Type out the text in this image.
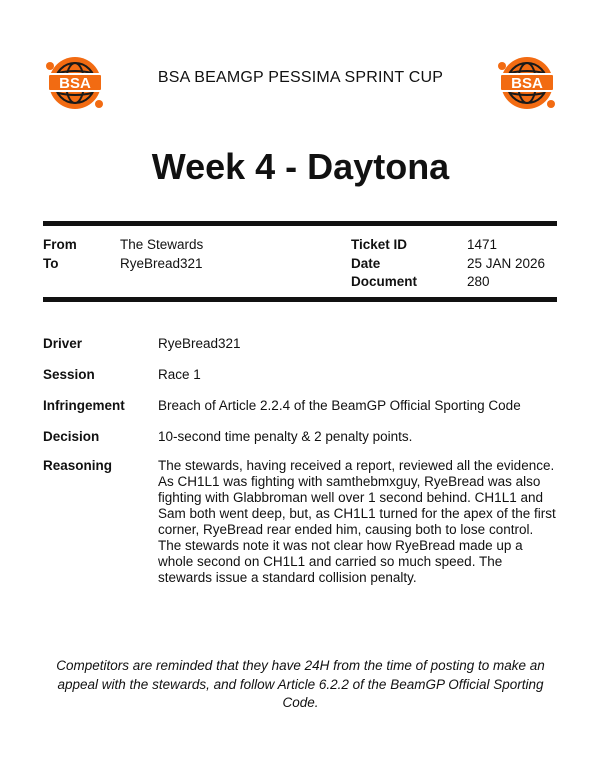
BSA	BSA
BSA BEAMGP PESSIMA SPRINT CUP
Week 4 - Daytona
From	The Stewards
To	RyeBread321
Ticket ID	1471
Date	25 JAN 2026
Document	280
Driver	RyeBread321
Session	Race 1
Infringement	Breach of Article 2.2.4 of the BeamGP Official Sporting Code
Decision	10-second time penalty & 2 penalty points.
Reasoning	The stewards, having received a report, reviewed all the evidence. As CH1L1 was fighting with samthebmxguy, RyeBread was also fighting with Glabbroman well over 1 second behind. CH1L1 and Sam both went deep, but, as CH1L1 turned for the apex of the first corner, RyeBread rear ended him, causing both to lose control. The stewards note it was not clear how RyeBread made up a whole second on CH1L1 and carried so much speed. The stewards issue a standard collision penalty.
Competitors are reminded that they have 24H from the time of posting to make an appeal with the stewards, and follow Article 6.2.2 of the BeamGP Official Sporting Code.
